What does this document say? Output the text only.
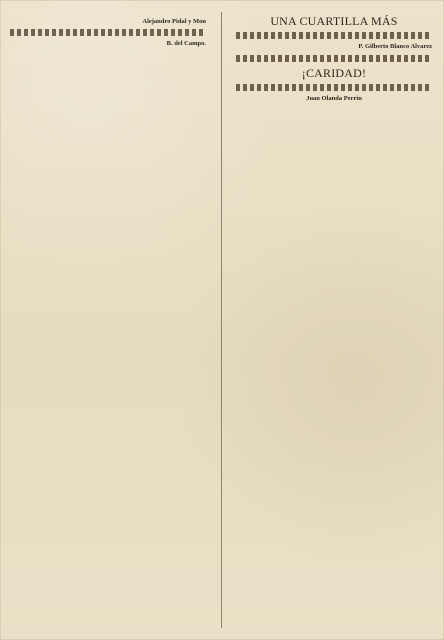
Alejandro Pidal y Mon
B. del Campo.
UNA CUARTILLA MÁS
P. Gilberto Blanco Alvarez
¡CARIDAD!
Juan Olanda Perrin
